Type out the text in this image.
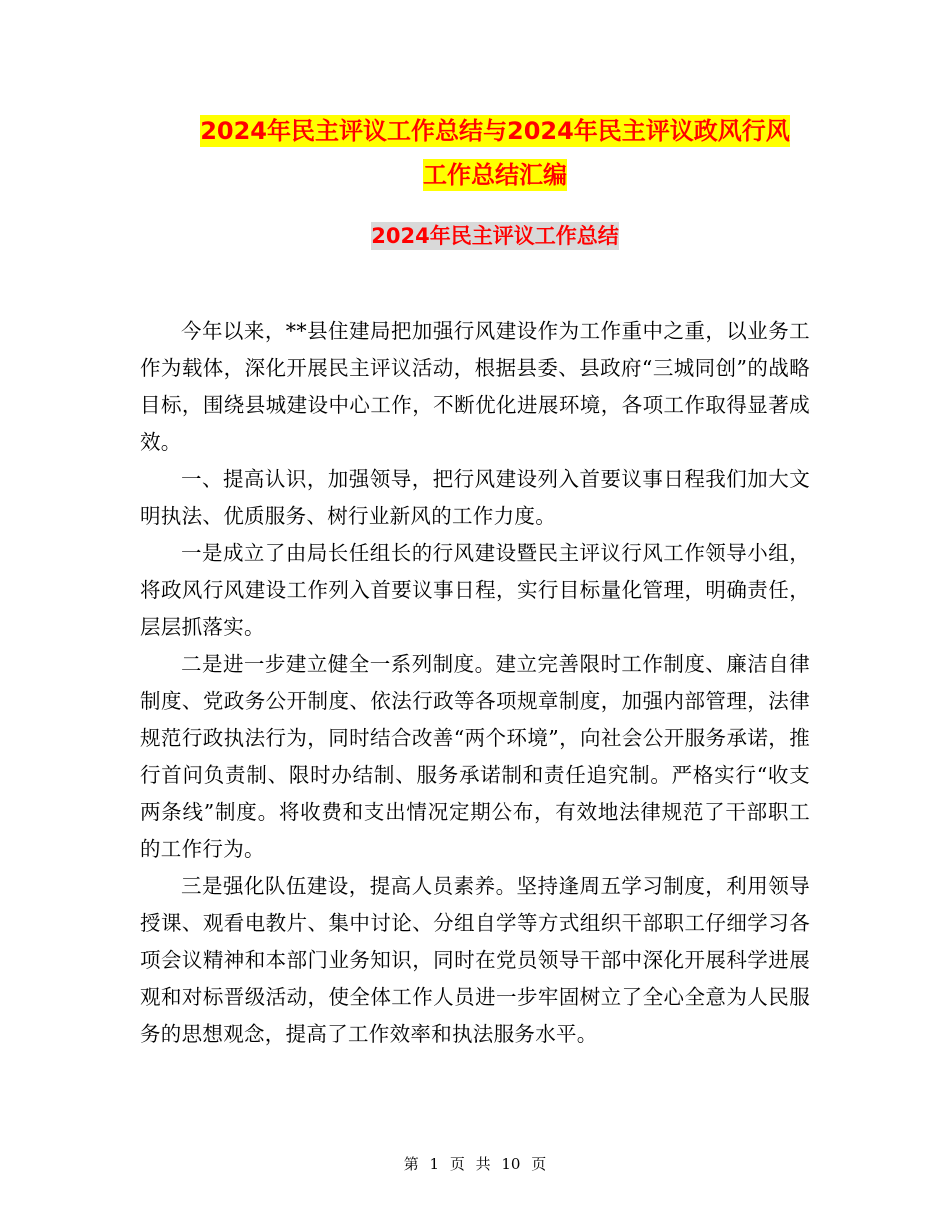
2024年民主评议工作总结与2024年民主评议政风行风
工作总结汇编
2024年民主评议工作总结

今年以来，**县住建局把加强行风建设作为工作重中之重，以业务工作为载体，深化开展民主评议活动，根据县委、县政府“三城同创”的战略目标，围绕县城建设中心工作，不断优化进展环境，各项工作取得显著成效。

一、提高认识，加强领导，把行风建设列入首要议事日程我们加大文明执法、优质服务、树行业新风的工作力度。

一是成立了由局长任组长的行风建设暨民主评议行风工作领导小组，将政风行风建设工作列入首要议事日程，实行目标量化管理，明确责任，层层抓落实。

二是进一步建立健全一系列制度。建立完善限时工作制度、廉洁自律制度、党政务公开制度、依法行政等各项规章制度，加强内部管理，法律规范行政执法行为，同时结合改善“两个环境”，向社会公开服务承诺，推行首问负责制、限时办结制、服务承诺制和责任追究制。严格实行“收支两条线”制度。将收费和支出情况定期公布，有效地法律规范了干部职工的工作行为。

三是强化队伍建设，提高人员素养。坚持逢周五学习制度，利用领导授课、观看电教片、集中讨论、分组自学等方式组织干部职工仔细学习各项会议精神和本部门业务知识，同时在党员领导干部中深化开展科学进展观和对标晋级活动，使全体工作人员进一步牢固树立了全心全意为人民服务的思想观念，提高了工作效率和执法服务水平。

第 1 页 共 10 页
